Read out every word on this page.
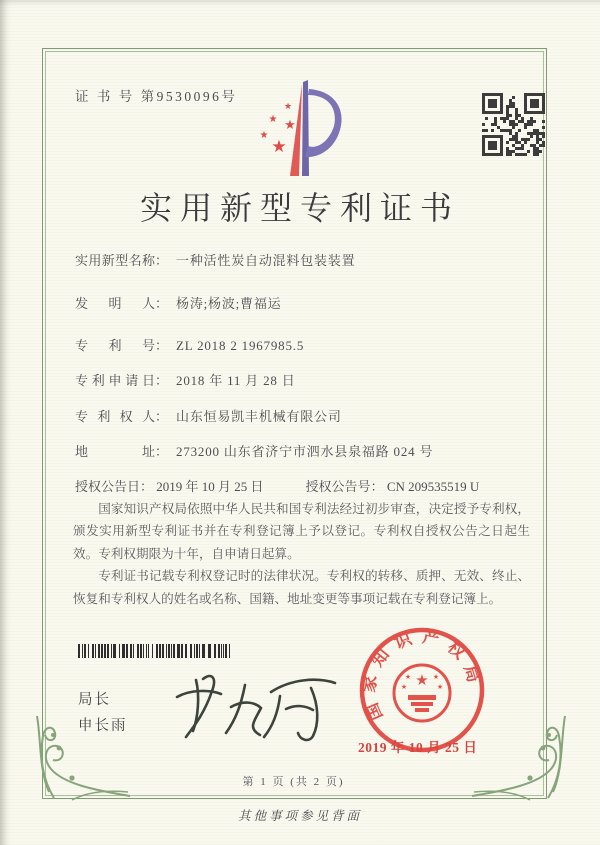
证 书 号 第9530096号
★
★ ★
★
★
实用新型专利证书
实用新型名称 ： 一种活性炭自动混料包装装置
发明人 ： 杨涛;杨波;曹福运
专利号 ： ZL 2018 2 1967985.5
专利申请日 ： 2018 年 11 月 28 日
专利权人 ： 山东恒易凯丰机械有限公司
地址 ： 273200 山东省济宁市泗水县泉福路 024 号
授权公告日： 2019 年 10 月 25 日	授权公告号： CN 209535519 U

国家知识产权局依照中华人民共和国专利法经过初步审查，决定授予专利权，颁发实用新型专利证书并在专利登记簿上予以登记。专利权自授权公告之日起生效。专利权期限为十年，自申请日起算。

专利证书记载专利权登记时的法律状况。专利权的转移、质押、无效、终止、恢复和专利权人的姓名或名称、国籍、地址变更等事项记载在专利登记簿上。

局长
申长雨
国家知识产权局
★
★	★
★	★
2019 年 10 月 25 日
第 1 页 (共 2 页)
其他事项参见背面
